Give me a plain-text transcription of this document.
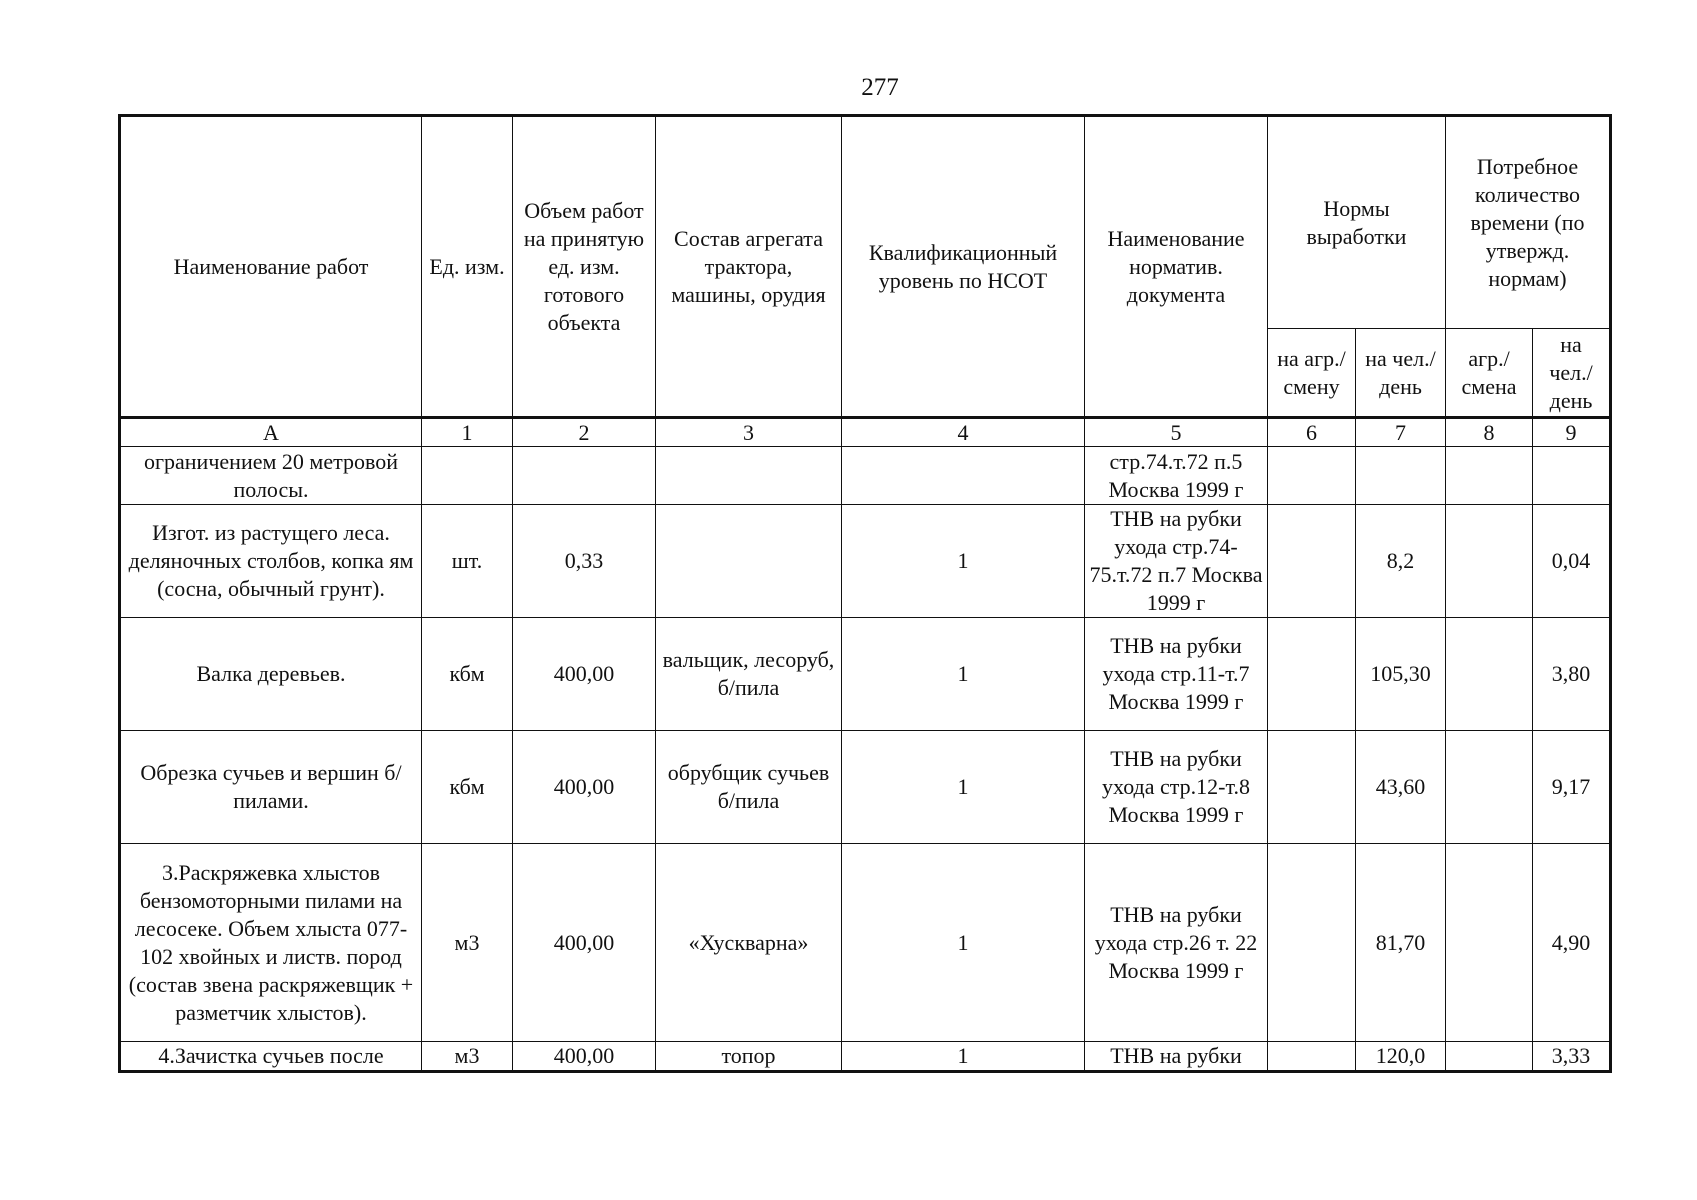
277
Наименование работ	Ед. изм.	Объем работ на принятую ед. изм. готового объекта	Состав агрегата трактора, машины, орудия	Квалификационный уровень по НСОТ	Наименование норматив. документа	Нормы выработки		Потребное количество времени (по утвержд. нормам)	
						на агр./ смену	на чел./ день	агр./ смена	на чел./ день
A	1	2	3	4	5	6	7	8	9
ограничением 20 метровой полосы.					стр.74.т.72 п.5 Москва 1999 г				
Изгот. из растущего леса. деляночных столбов, копка ям (сосна, обычный грунт).	шт.	0,33		1	ТНВ на рубки ухода стр.74-75.т.72 п.7 Москва 1999 г		8,2		0,04
Валка деревьев.	кбм	400,00	вальщик, лесоруб, б/пила	1	ТНВ на рубки ухода стр.11-т.7 Москва 1999 г		105,30		3,80
Обрезка сучьев и вершин б/пилами.	кбм	400,00	обрубщик сучьев б/пила	1	ТНВ на рубки ухода стр.12-т.8 Москва 1999 г		43,60		9,17
3.Раскряжевка хлыстов бензомоторными пилами на лесосеке. Объем хлыста 077-102 хвойных и листв. пород (состав звена раскряжевщик + разметчик хлыстов).	м3	400,00	«Хускварна»	1	ТНВ на рубки ухода стр.26 т. 22 Москва 1999 г		81,70		4,90
4.Зачистка сучьев после	м3	400,00	топор	1	ТНВ на рубки		120,0		3,33
